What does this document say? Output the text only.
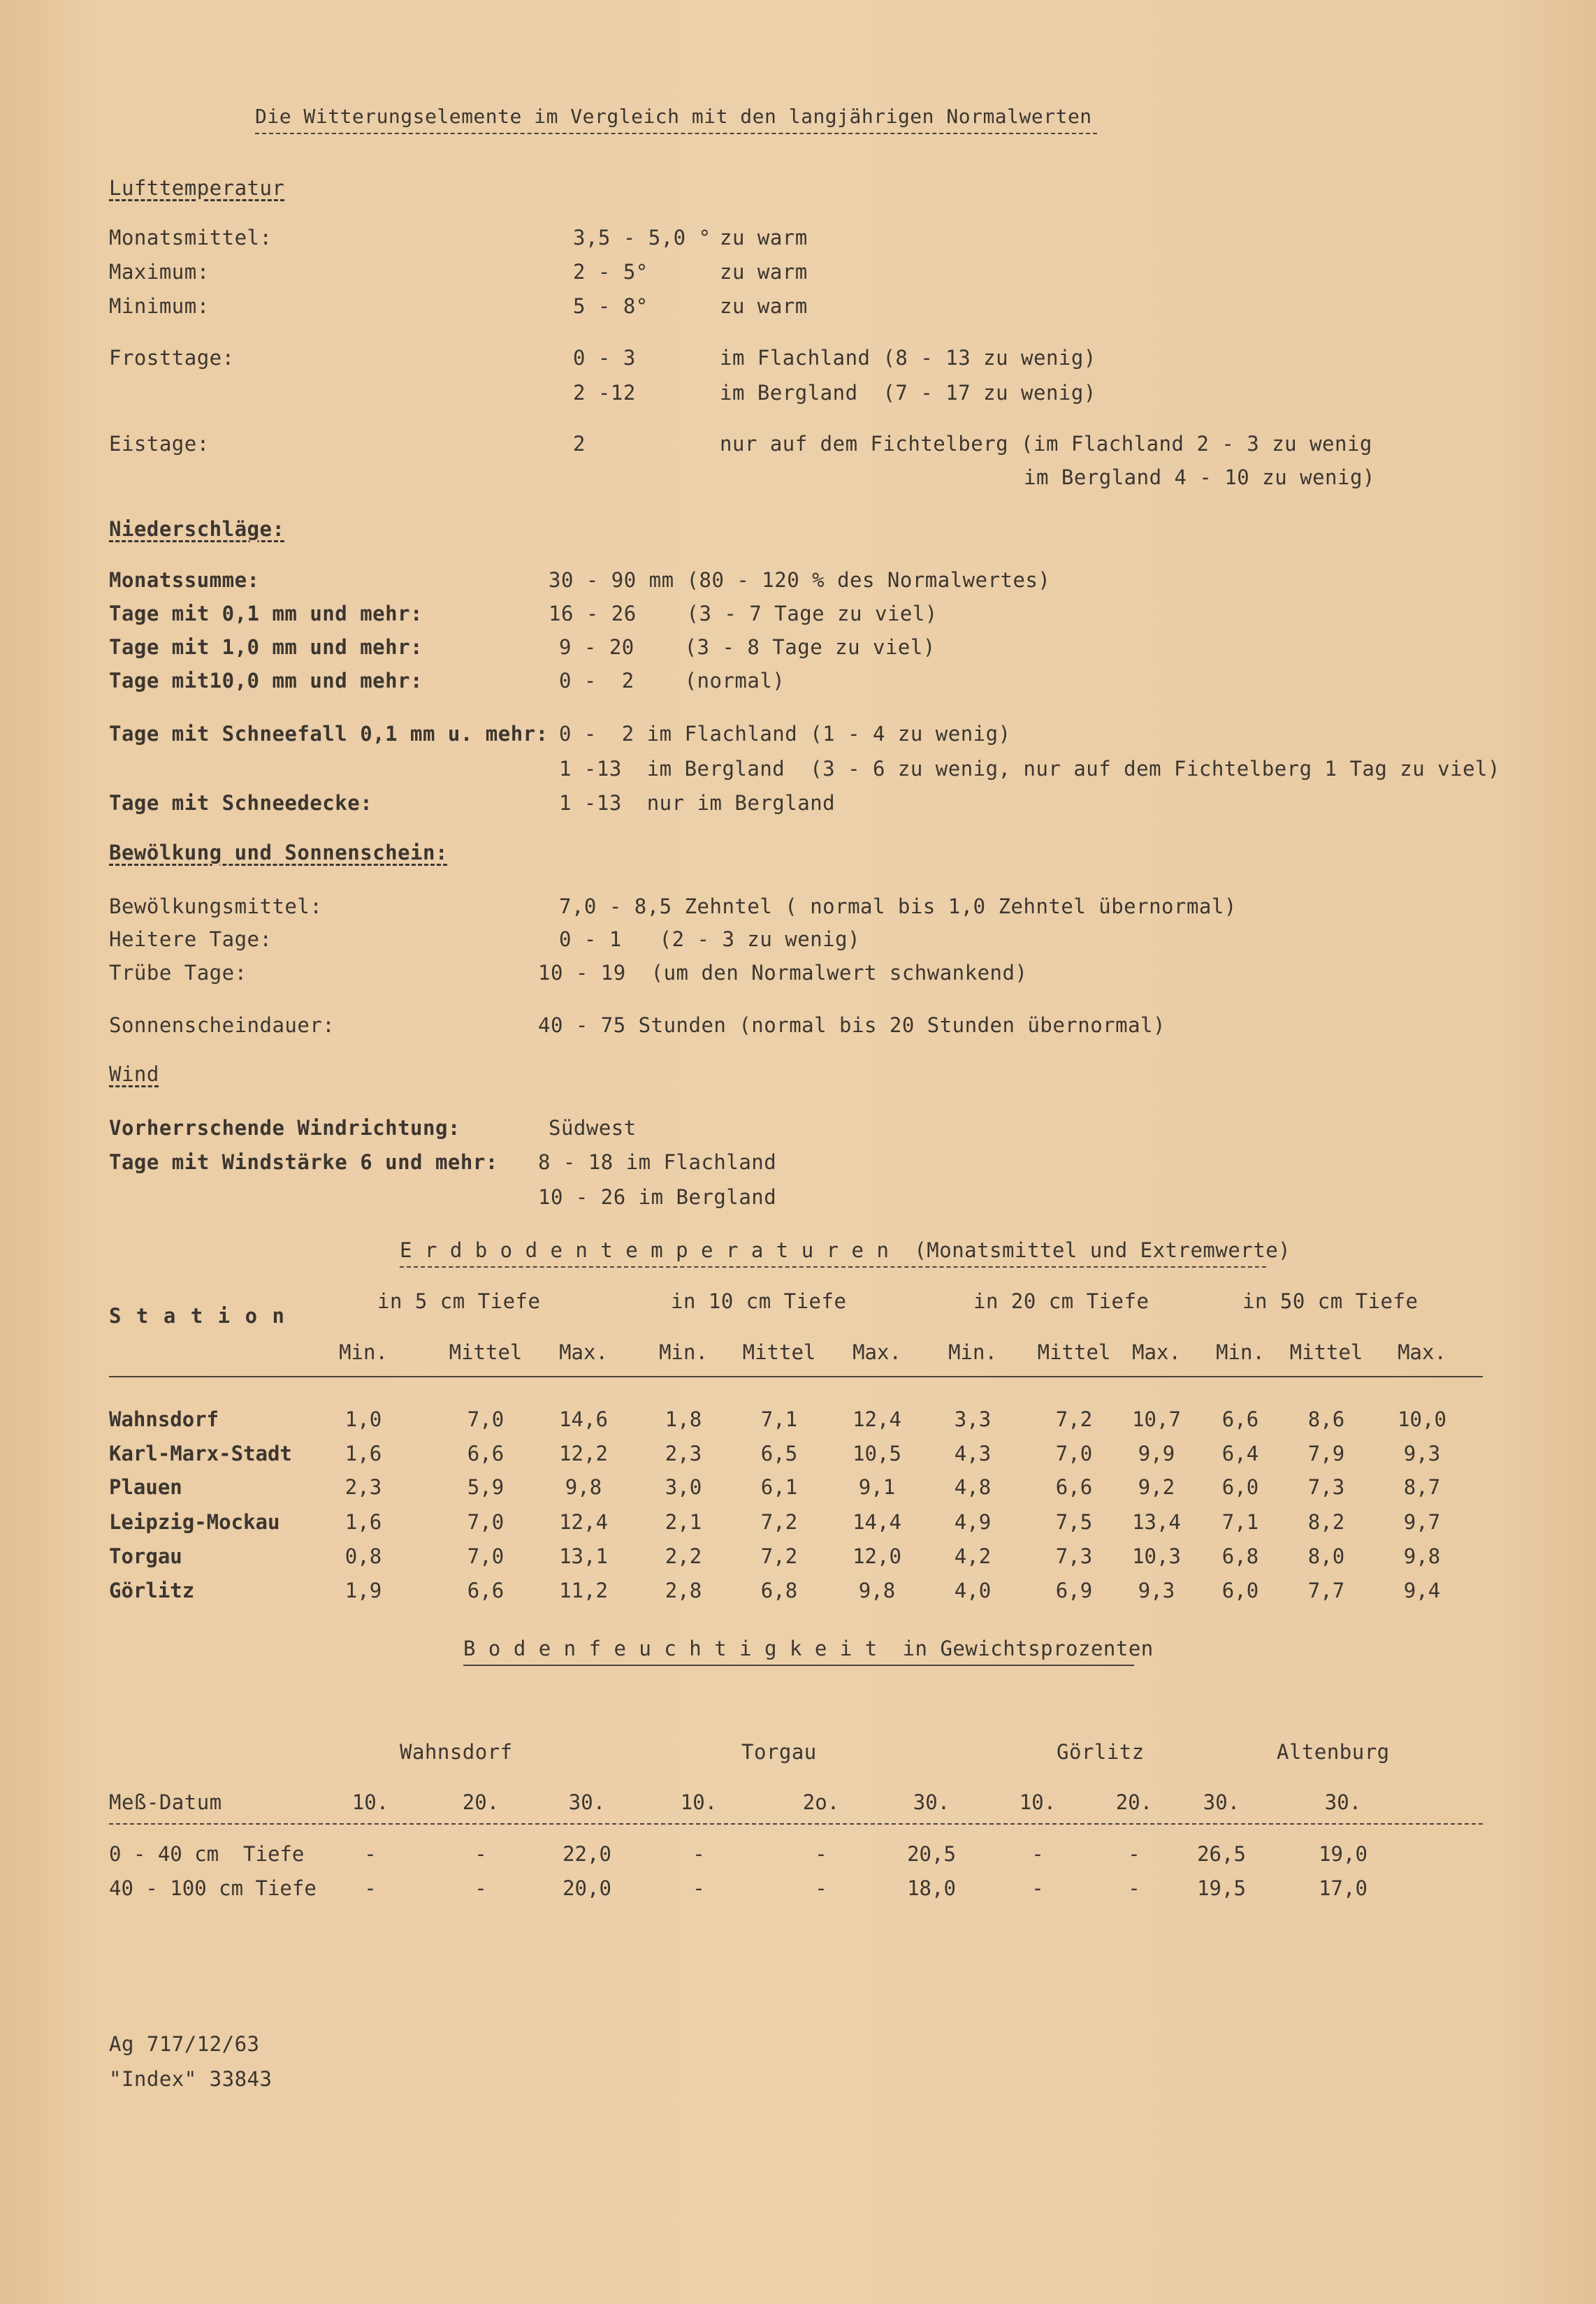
Die Witterungselemente im Vergleich mit den langjährigen Normalwerten
Lufttemperatur
Monatsmittel:	3,5 - 5,0 ° zu warm
Maximum:	2 - 5°	zu warm
Minimum:	5 - 8°	zu warm
Frosttage:	0 - 3	im Flachland (8 - 13 zu wenig)
2 -12	im Bergland  (7 - 17 zu wenig)
Eistage:	2	nur auf dem Fichtelberg (im Flachland 2 - 3 zu wenig
im Bergland 4 - 10 zu wenig)
Niederschläge:
Monatssumme:	30 - 90 mm (80 - 120 % des Normalwertes)
Tage mit 0,1 mm und mehr:	16 - 26    (3 - 7 Tage zu viel)
Tage mit 1,0 mm und mehr:	9 - 20    (3 - 8 Tage zu viel)
Tage mit10,0 mm und mehr:	0 -  2    (normal)
Tage mit Schneefall 0,1 mm u. mehr: 0 -  2 im Flachland (1 - 4 zu wenig)
1 -13  im Bergland  (3 - 6 zu wenig, nur auf dem Fichtelberg 1 Tag zu viel)
Tage mit Schneedecke:	1 -13  nur im Bergland
Bewölkung und Sonnenschein:
Bewölkungsmittel:	7,0 - 8,5 Zehntel ( normal bis 1,0 Zehntel übernormal)
Heitere Tage:	0 - 1   (2 - 3 zu wenig)
Trübe Tage:	10 - 19  (um den Normalwert schwankend)
Sonnenscheindauer:	40 - 75 Stunden (normal bis 20 Stunden übernormal)
Wind
Vorherrschende Windrichtung:	Südwest
Tage mit Windstärke 6 und mehr: 8 - 18 im Flachland
10 - 26 im Bergland
E r d b o d e n t e m p e r a t u r e n  (Monatsmittel und Extremwerte)
S t a t i o n
in 5 cm Tiefe	in 10 cm Tiefe	in 20 cm Tiefe	in 50 cm Tiefe
Min.	Mittel	Max.	Min.	Mittel	Max.	Min.	Mittel	Max.	Min.	Mittel	Max.
Wahnsdorf	1,0	7,0	14,6	1,8	7,1	12,4	3,3	7,2	10,7	6,6	8,6	10,0
Karl-Marx-Stadt	1,6	6,6	12,2	2,3	6,5	10,5	4,3	7,0	9,9	6,4	7,9	9,3
Plauen	2,3	5,9	9,8	3,0	6,1	9,1	4,8	6,6	9,2	6,0	7,3	8,7
Leipzig-Mockau	1,6	7,0	12,4	2,1	7,2	14,4	4,9	7,5	13,4	7,1	8,2	9,7
Torgau	0,8	7,0	13,1	2,2	7,2	12,0	4,2	7,3	10,3	6,8	8,0	9,8
Görlitz	1,9	6,6	11,2	2,8	6,8	9,8	4,0	6,9	9,3	6,0	7,7	9,4
B o d e n f e u c h t i g k e i t  in Gewichtsprozenten
Wahnsdorf	Torgau	Görlitz	Altenburg
Meß-Datum	10.	20.	30.	10.	2o.	30.	10.	20.	30.	30.
0 - 40 cm  Tiefe	-	-	22,0	-	-	20,5	-	-	26,5	19,0
40 - 100 cm Tiefe	-	-	20,0	-	-	18,0	-	-	19,5	17,0
Ag 717/12/63
"Index" 33843
